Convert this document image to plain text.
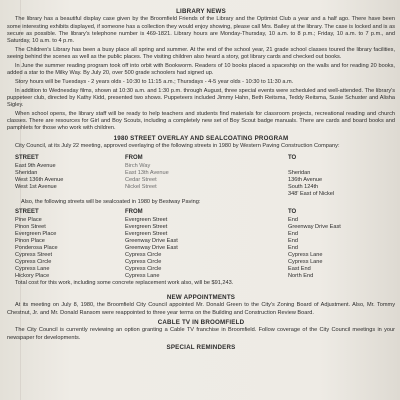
LIBRARY NEWS

The library has a beautiful display case given by the Broomfield Friends of the Library and the Optimist Club a year and a half ago. There have been some interesting exhibits displayed, if someone has a collection they would enjoy showing, please call Mrs. Bailey at the library. The case is locked and is as secure as possible. The library's telephone number is 469-1821. Library hours are Monday-Thursday, 10 a.m. to 8 p.m.; Friday, 10 a.m. to 7 p.m., and Saturday, 10 a.m. to 4 p.m.

The Children's Library has been a busy place all spring and summer. At the end of the school year, 21 grade school classes toured the library facilities, seeing behind the scenes as well as the public places. The visiting children also heard a story, got library cards and checked out books.

In June the summer reading program took off into orbit with Bookworm. Readers of 10 books placed a spaceship on the walls and for reading 20 books, added a star to the Milky Way. By July 20, over 500 grade schoolers had signed up.

Story hours will be Tuesdays - 2 years olds - 10:30 to 11:15 a.m.; Thursdays - 4-5 year olds - 10:30 to 11:30 a.m.

In addition to Wednesday films, shown at 10:30 a.m. and 1:30 p.m. through August, three special events were scheduled and well-attended. The library's puppeteer club, directed by Kathy Kidd, presented two shows. Puppeteers included Jimmy Hahn, Beth Reitsma, Teddy Reitsma, Susie Schuster and Alisha Sigley.

When school opens, the library staff will be ready to help teachers and students find materials for classroom projects, recreational reading and church classes. There are resources for Girl and Boy Scouts, including a completely new set of Boy Scout badge manuals. There are cards and board books and pamphlets for those who work with children.

1980 STREET OVERLAY AND SEALCOATING PROGRAM

City Council, at its July 22 meeting, approved overlaying of the following streets in 1980 by Western Paving Construction Company:

STREET	FROM	TO
East 9th Avenue	Birch Way
Sheridan	East 13th Avenue	Sheridan
West 136th Avenue	Cedar Street	136th Avenue
West 1st Avenue	Nickel Street	South 124th
348' East of Nickel

Also, the following streets will be sealcoated in 1980 by Bestway Paving:

STREET	FROM	TO
Pine Place	Evergreen Street	End
Pinon Street	Evergreen Street	Greenway Drive East
Evergreen Place	Evergreen Street	End
Pinon Place	Greenway Drive East	End
Ponderosa Place	Greenway Drive East	End
Cypress Street	Cypress Circle	Cypress Lane
Cypress Circle	Cypress Circle	Cypress Lane
Cypress Lane	Cypress Circle	East End
Hickory Place	Cypress Lane	North End

Total cost for this work, including some concrete replacement work also, will be $91,243.

NEW APPOINTMENTS

At its meeting on July 8, 1980, the Broomfield City Council appointed Mr. Donald Green to the City's Zoning Board of Adjustment. Also, Mr. Tommy Chestnut, Jr. and Mr. Donald Ransom were reappointed to three year terms on the Building and Construction Review Board.

CABLE TV IN BROOMFIELD

The City Council is currently reviewing an option granting a Cable TV franchise in Broomfield. Follow coverage of the City Council meetings in your newspaper for developments.

SPECIAL REMINDERS
